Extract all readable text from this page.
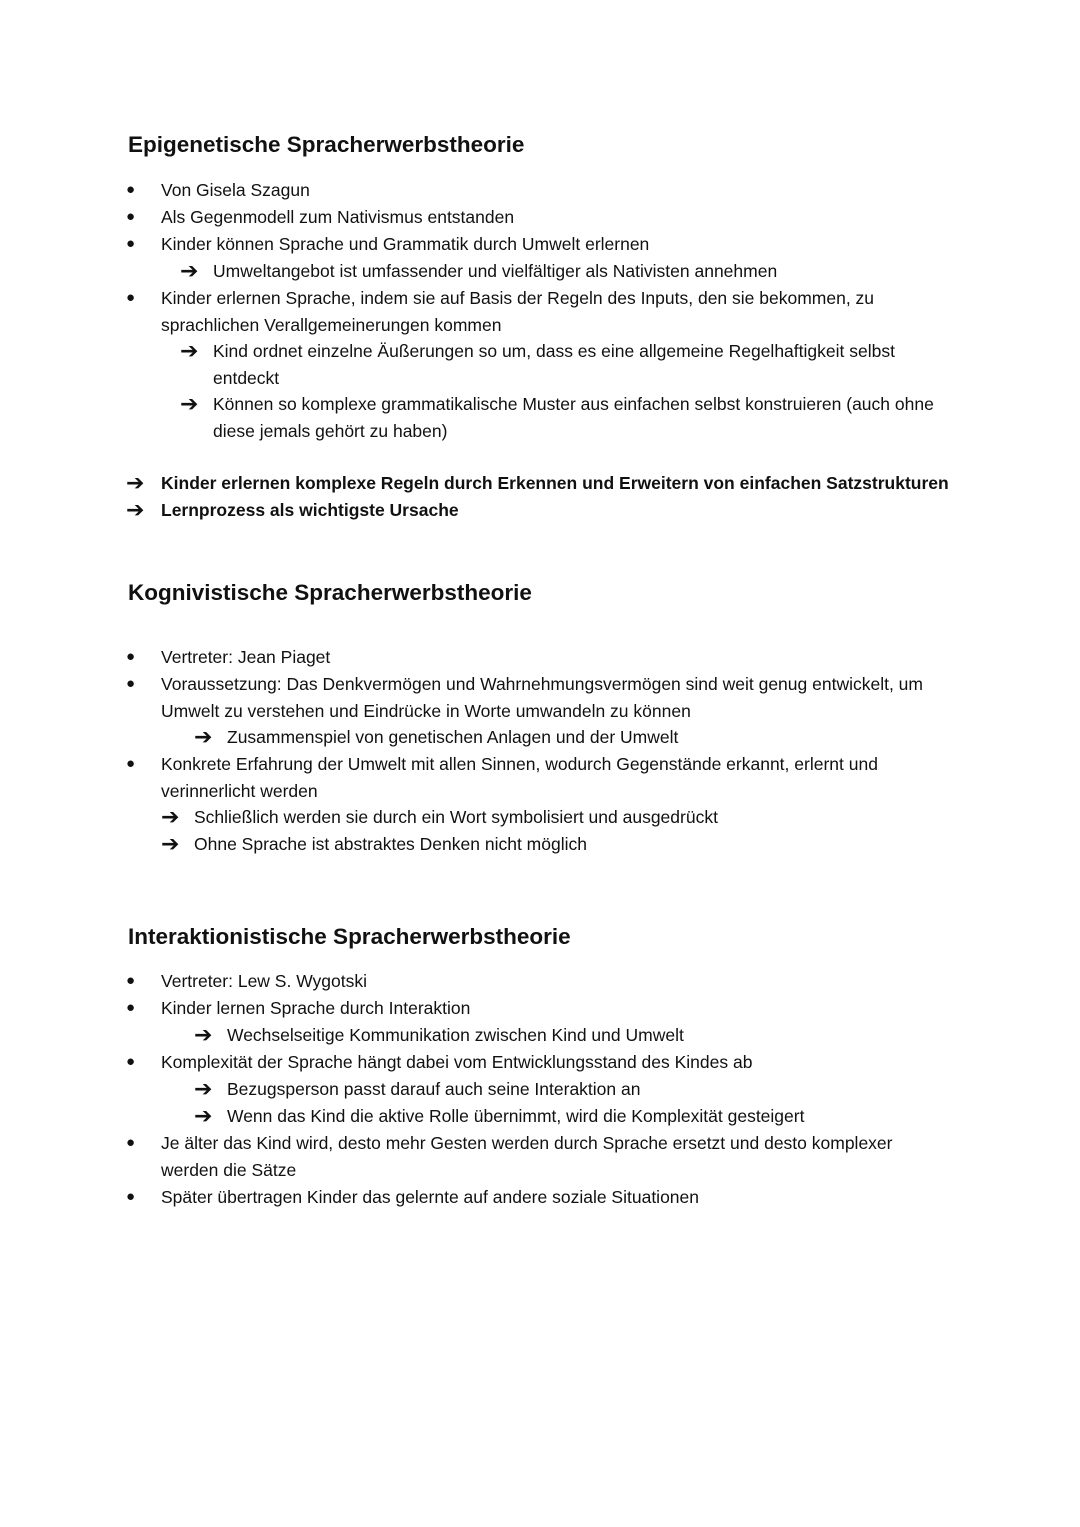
Epigenetische Spracherwerbstheorie
● Von Gisela Szagun
● Als Gegenmodell zum Nativismus entstanden
● Kinder können Sprache und Grammatik durch Umwelt erlernen
➔ Umweltangebot ist umfassender und vielfältiger als Nativisten annehmen
● Kinder erlernen Sprache, indem sie auf Basis der Regeln des Inputs, den sie bekommen, zu sprachlichen Verallgemeinerungen kommen
➔ Kind ordnet einzelne Äußerungen so um, dass es eine allgemeine Regelhaftigkeit selbst entdeckt
➔ Können so komplexe grammatikalische Muster aus einfachen selbst konstruieren (auch ohne diese jemals gehört zu haben)
➔ Kinder erlernen komplexe Regeln durch Erkennen und Erweitern von einfachen Satzstrukturen
➔ Lernprozess als wichtigste Ursache
Kognivistische Spracherwerbstheorie
● Vertreter: Jean Piaget
● Voraussetzung: Das Denkvermögen und Wahrnehmungsvermögen sind weit genug entwickelt, um Umwelt zu verstehen und Eindrücke in Worte umwandeln zu können
➔ Zusammenspiel von genetischen Anlagen und der Umwelt
● Konkrete Erfahrung der Umwelt mit allen Sinnen, wodurch Gegenstände erkannt, erlernt und verinnerlicht werden
➔ Schließlich werden sie durch ein Wort symbolisiert und ausgedrückt
➔ Ohne Sprache ist abstraktes Denken nicht möglich
Interaktionistische Spracherwerbstheorie
● Vertreter: Lew S. Wygotski
● Kinder lernen Sprache durch Interaktion
➔ Wechselseitige Kommunikation zwischen Kind und Umwelt
● Komplexität der Sprache hängt dabei vom Entwicklungsstand des Kindes ab
➔ Bezugsperson passt darauf auch seine Interaktion an
➔ Wenn das Kind die aktive Rolle übernimmt, wird die Komplexität gesteigert
● Je älter das Kind wird, desto mehr Gesten werden durch Sprache ersetzt und desto komplexer werden die Sätze
● Später übertragen Kinder das gelernte auf andere soziale Situationen
